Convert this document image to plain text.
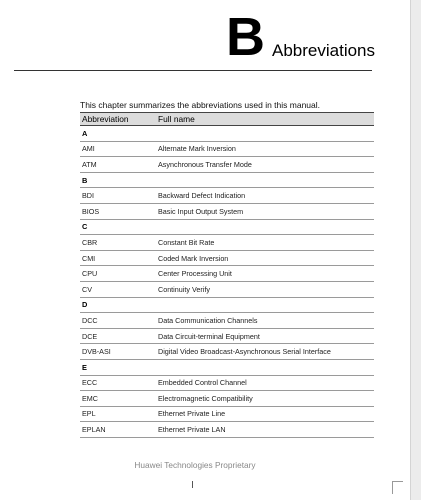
B Abbreviations
This chapter summarizes the abbreviations used in this manual.
Abbreviation	Full name
A	
AMI	Alternate Mark Inversion
ATM	Asynchronous Transfer Mode
B	
BDI	Backward Defect Indication
BIOS	Basic Input Output System
C	
CBR	Constant Bit Rate
CMI	Coded Mark Inversion
CPU	Center Processing Unit
CV	Continuity Verify
D	
DCC	Data Communication Channels
DCE	Data Circuit-terminal Equipment
DVB-ASI	Digital Video Broadcast-Asynchronous Serial Interface
E	
ECC	Embedded Control Channel
EMC	Electromagnetic Compatibility
EPL	Ethernet Private Line
EPLAN	Ethernet Private LAN
Huawei Technologies Proprietary
